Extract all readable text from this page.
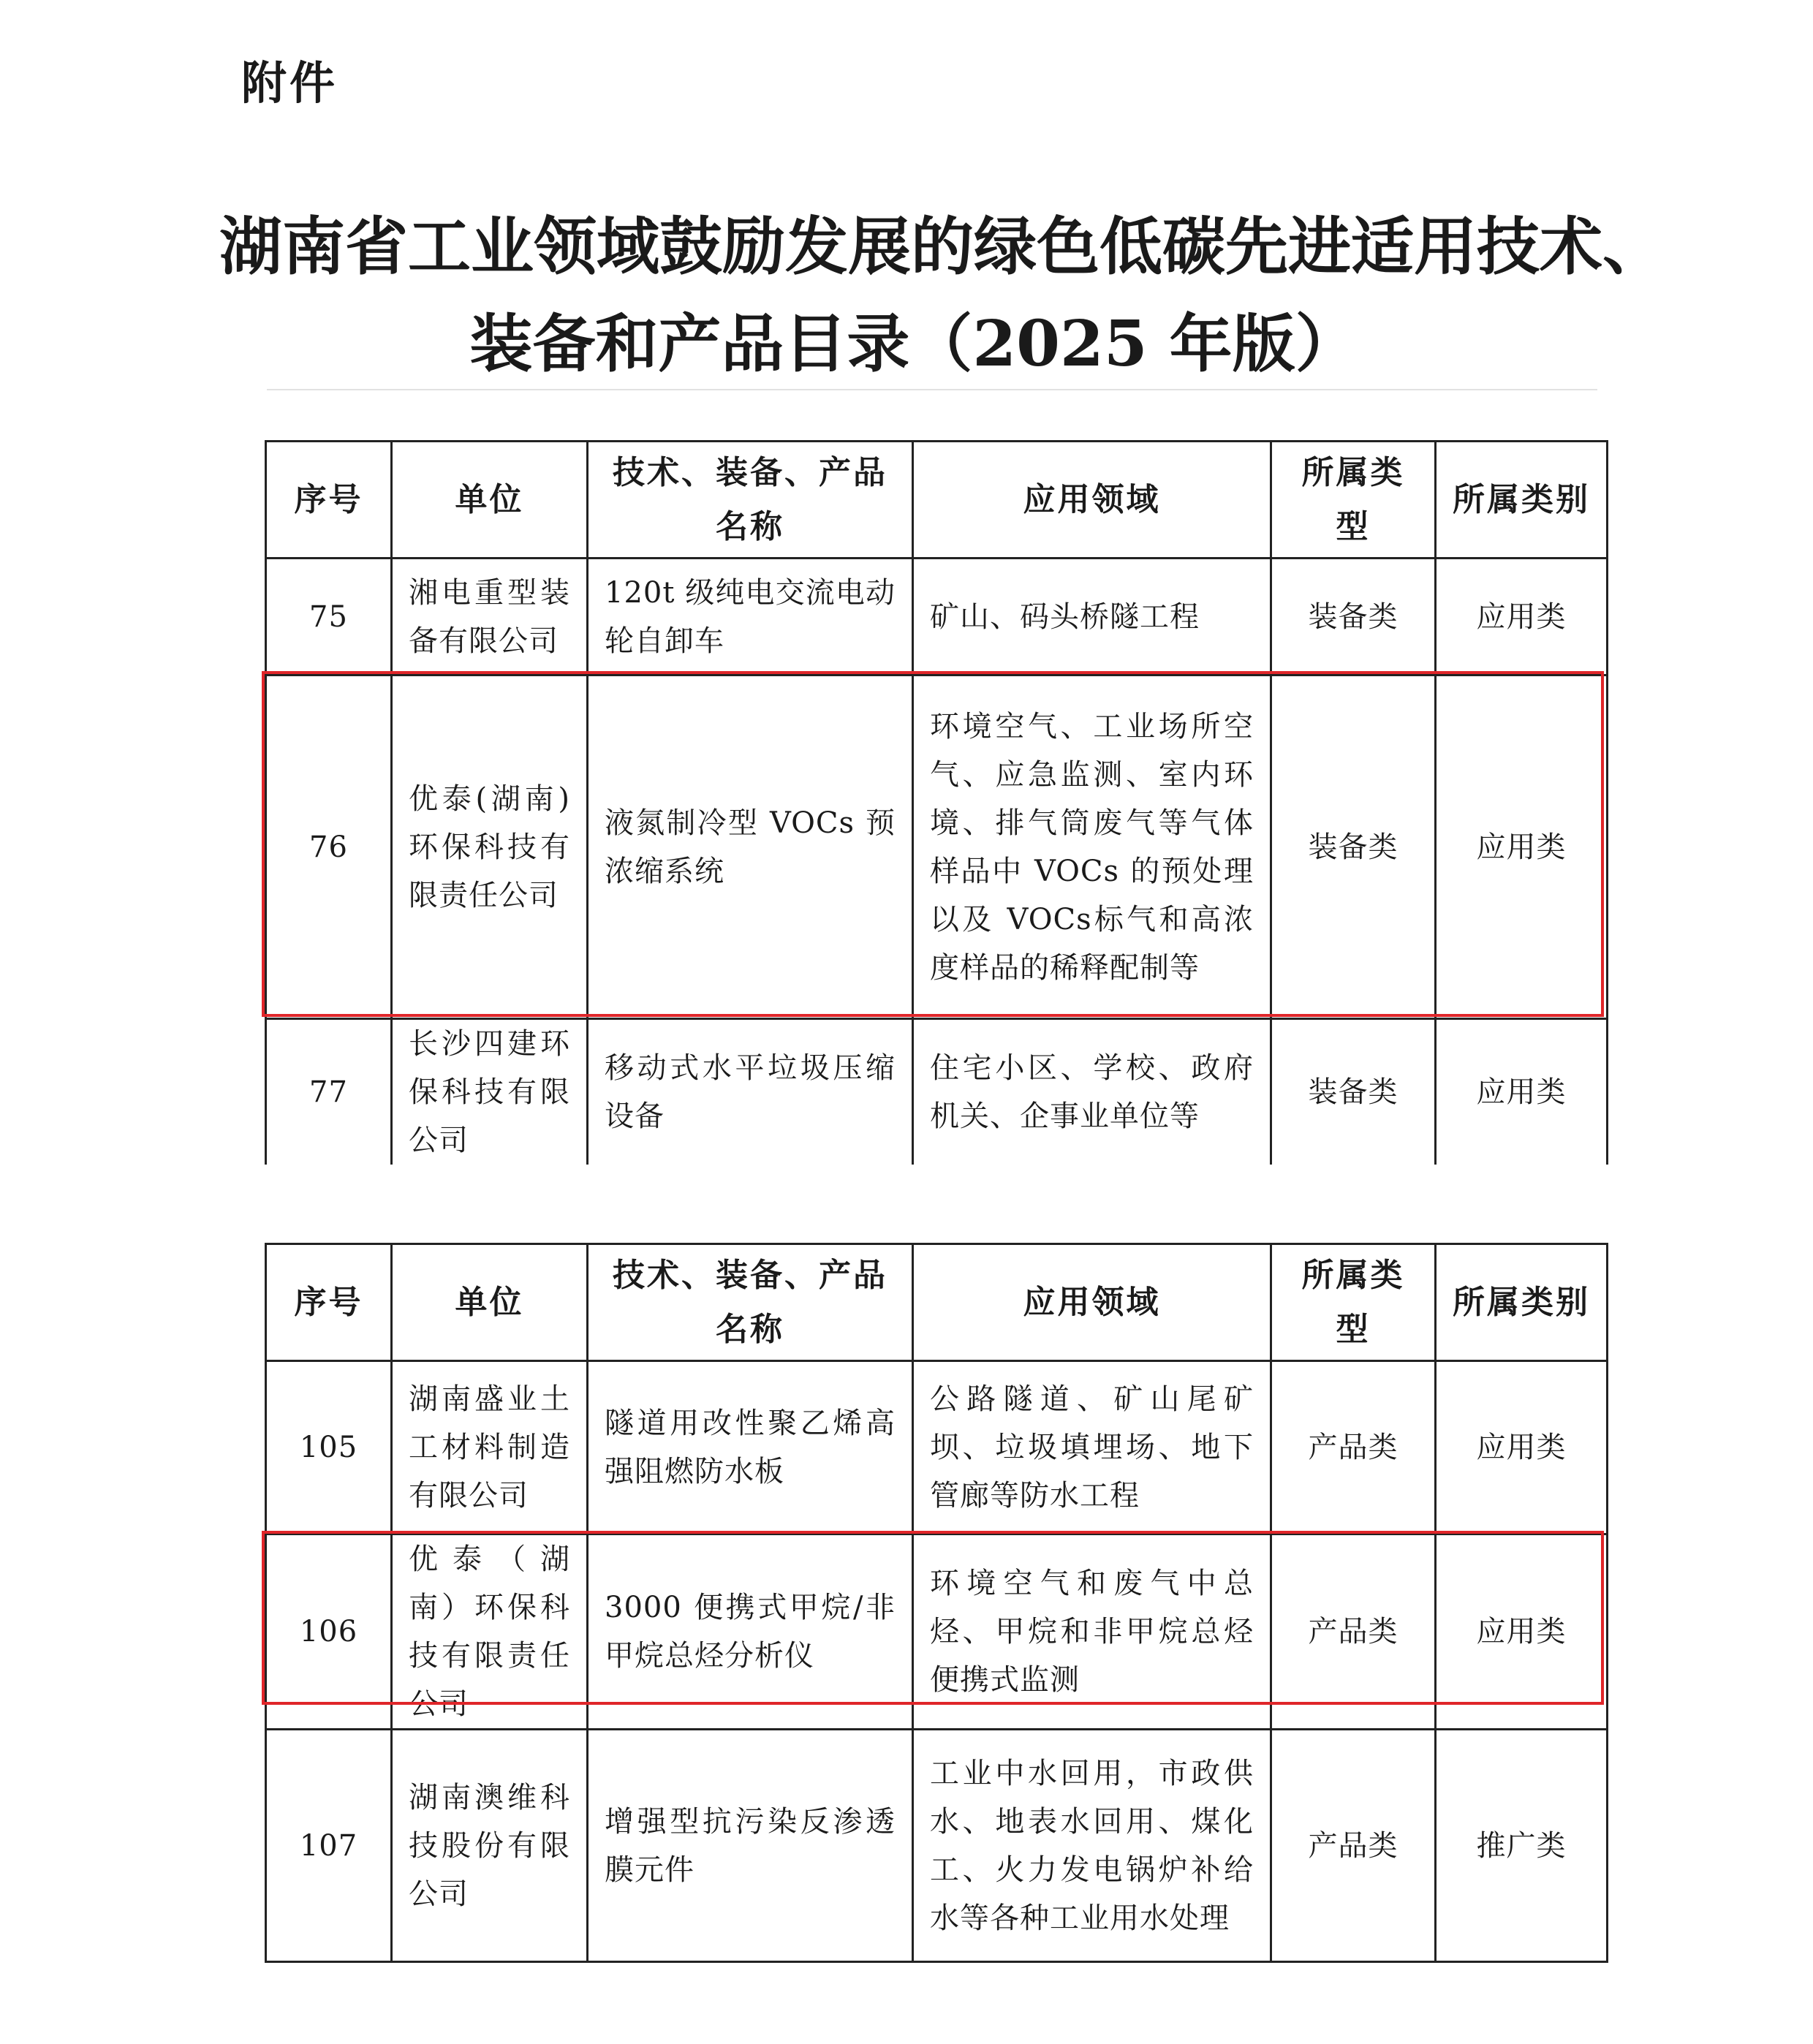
附件
湖南省工业领域鼓励发展的绿色低碳先进适用技术、
装备和产品目录（2025 年版）
序号	单位	技术、装备、产品名称	应用领域	所属类型	所属类别
75	湘电重型装备有限公司	120t 级纯电交流电动轮自卸车	矿山、码头桥隧工程	装备类	应用类
76	优泰(湖南)环保科技有限责任公司	液氮制冷型 VOCs 预浓缩系统	环境空气、工业场所空气、应急监测、室内环境、排气筒废气等气体样品中 VOCs 的预处理以及 VOCs标气和高浓度样品的稀释配制等	装备类	应用类
77	长沙四建环保科技有限公司	移动式水平垃圾压缩设备	住宅小区、学校、政府机关、企事业单位等	装备类	应用类
序号	单位	技术、装备、产品名称	应用领域	所属类型	所属类别
105	湖南盛业土工材料制造有限公司	隧道用改性聚乙烯高强阻燃防水板	公路隧道、矿山尾矿坝、垃圾填埋场、地下管廊等防水工程	产品类	应用类
106	优泰（湖南）环保科技有限责任公司	3000 便携式甲烷/非甲烷总烃分析仪	环境空气和废气中总烃、甲烷和非甲烷总烃便携式监测	产品类	应用类
107	湖南澳维科技股份有限公司	增强型抗污染反渗透膜元件	工业中水回用，市政供水、地表水回用、煤化工、火力发电锅炉补给水等各种工业用水处理	产品类	推广类
